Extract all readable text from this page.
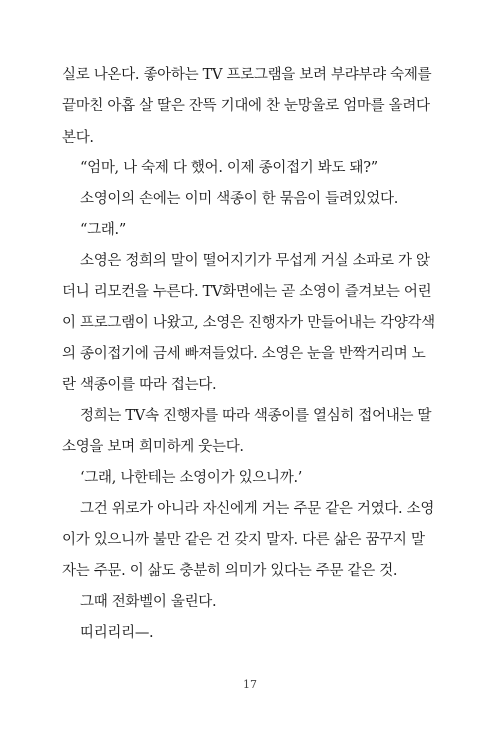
실로 나온다. 좋아하는 TV 프로그램을 보려 부랴부랴 숙제를
끝마친 아홉 살 딸은 잔뜩 기대에 찬 눈망울로 엄마를 올려다
본다.
“엄마, 나 숙제 다 했어. 이제 종이접기 봐도 돼?”
소영이의 손에는 이미 색종이 한 묶음이 들려있었다.
“그래.”
소영은 정희의 말이 떨어지기가 무섭게 거실 소파로 가 앉
더니 리모컨을 누른다. TV화면에는 곧 소영이 즐겨보는 어린
이 프로그램이 나왔고, 소영은 진행자가 만들어내는 각양각색
의 종이접기에 금세 빠져들었다. 소영은 눈을 반짝거리며 노
란 색종이를 따라 접는다.
정희는 TV속 진행자를 따라 색종이를 열심히 접어내는 딸
소영을 보며 희미하게 웃는다.
‘그래, 나한테는 소영이가 있으니까.’
그건 위로가 아니라 자신에게 거는 주문 같은 거였다. 소영
이가 있으니까 불만 같은 건 갖지 말자. 다른 삶은 꿈꾸지 말
자는 주문. 이 삶도 충분히 의미가 있다는 주문 같은 것.
그때 전화벨이 울린다.
띠리리리—.
17
